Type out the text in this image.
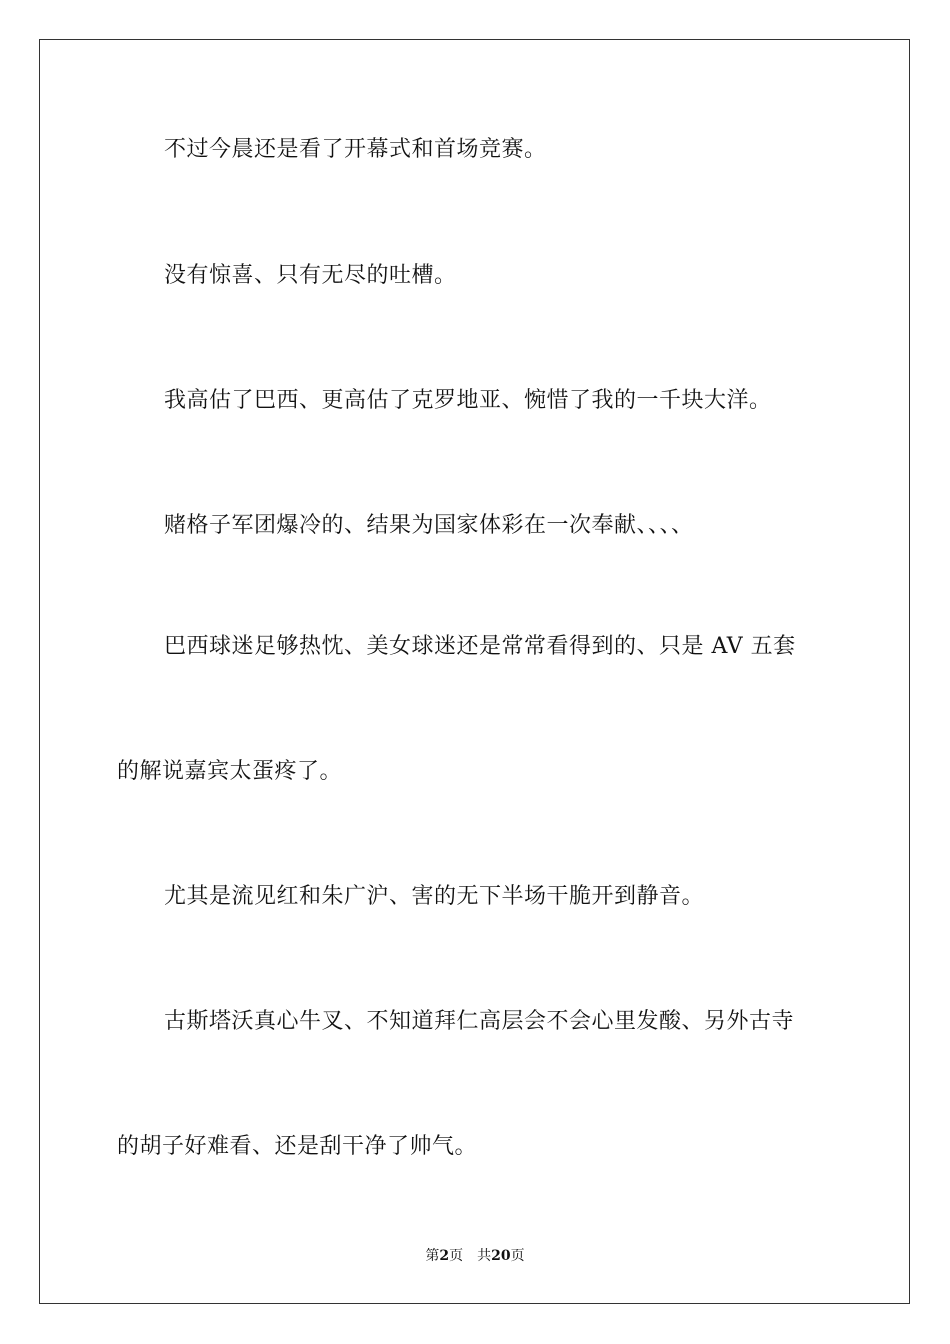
不过今晨还是看了开幕式和首场竞赛。
没有惊喜、只有无尽的吐槽。
我高估了巴西、更高估了克罗地亚、惋惜了我的一千块大洋。
赌格子军团爆冷的、结果为国家体彩在一次奉献、、、、
巴西球迷足够热忱、美女球迷还是常常看得到的、只是 AV 五套
的解说嘉宾太蛋疼了。
尤其是流见红和朱广沪、害的无下半场干脆开到静音。
古斯塔沃真心牛叉、不知道拜仁高层会不会心里发酸、另外古寺
的胡子好难看、还是刮干净了帅气。
第2页 共20页
